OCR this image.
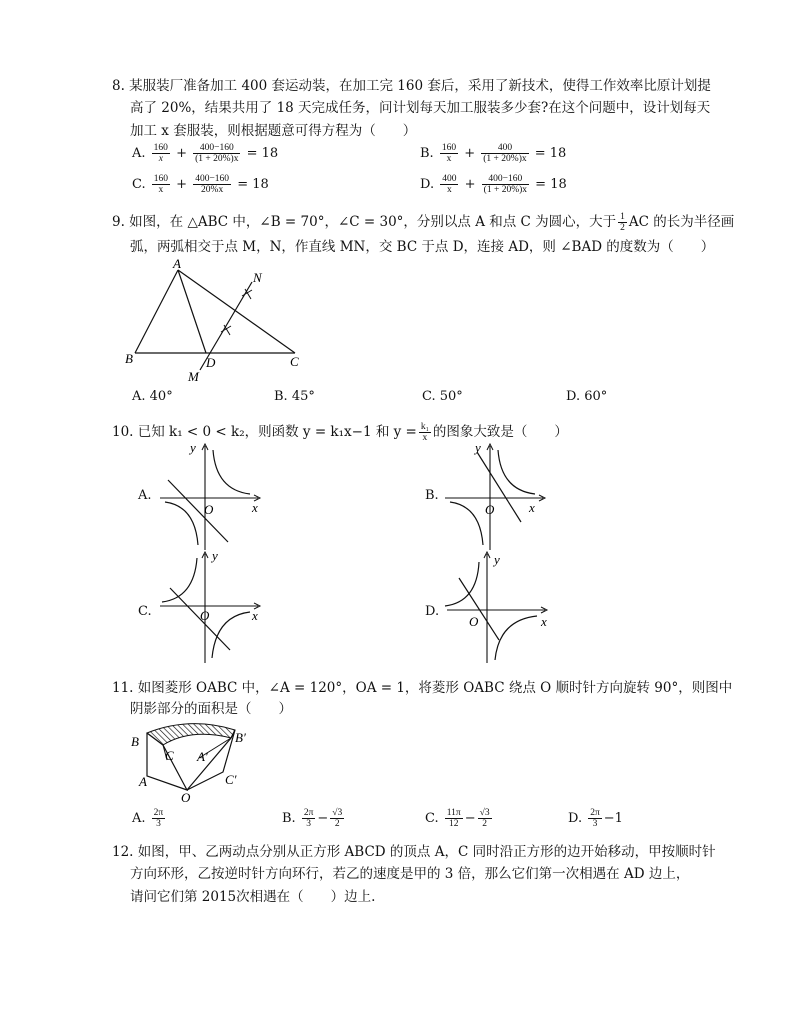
8. 某服装厂准备加工 400 套运动装，在加工完 160 套后，采用了新技术，使得工作效率比原计划提
高了 20%，结果共用了 18 天完成任务，问计划每天加工服装多少套?在这个问题中，设计划每天
加工 x 套服装，则根据题意可得方程为（　　）
A. $\frac{160}{x} + \frac{400-160}{(1 + 20\%)x} = 18$	B. $\frac{160}{x} + \frac{400}{(1 + 20\%)x} = 18$
C. $\frac{160}{x} + \frac{400-160}{20\%x} = 18$	D. $\frac{400}{x} + \frac{400-160}{(1 + 20\%)x} = 18$
9. 如图，在 △ABC 中，∠B = 70°，∠C = 30°，分别以点 A 和点 C 为圆心，大于 $\frac{1}{2}$ AC 的长为半径画
弧，两弧相交于点 M，N，作直线 MN，交 BC 于点 D，连接 AD，则 ∠BAD 的度数为（　　）
A
B	C
D
M
N
A. 40°	B. 45°	C. 50°	D. 60°
10. 已知 k₁ < 0 < k₂，则函数 y = k₁x−1 和 $y = \frac{\text{k₁}}{x}$ 的图象大致是（　　）
A.
y
x
O
B.
y
x
O
C.
y
x
O	D.
y
x
O
11. 如图菱形 OABC 中，∠A = 120°，OA = 1，将菱形 OABC 绕点 O 顺时针方向旋转 90°，则图中
阴影部分的面积是（　　）
B	B′
C A′
A	C′
O
A. $\frac{2\pi}{3}$	B. $\frac{2\pi}{3} - \frac{√3}{2}$	C. $\frac{11\pi}{12} - \frac{√3}{2}$	D. $\frac{2\pi}{3} -1$
12. 如图，甲、乙两动点分别从正方形 ABCD 的顶点 A，C 同时沿正方形的边开始移动，甲按顺时针
方向环形，乙按逆时针方向环行，若乙的速度是甲的 3 倍，那么它们第一次相遇在 AD 边上，
请问它们第 2015次相遇在（　　）边上.
